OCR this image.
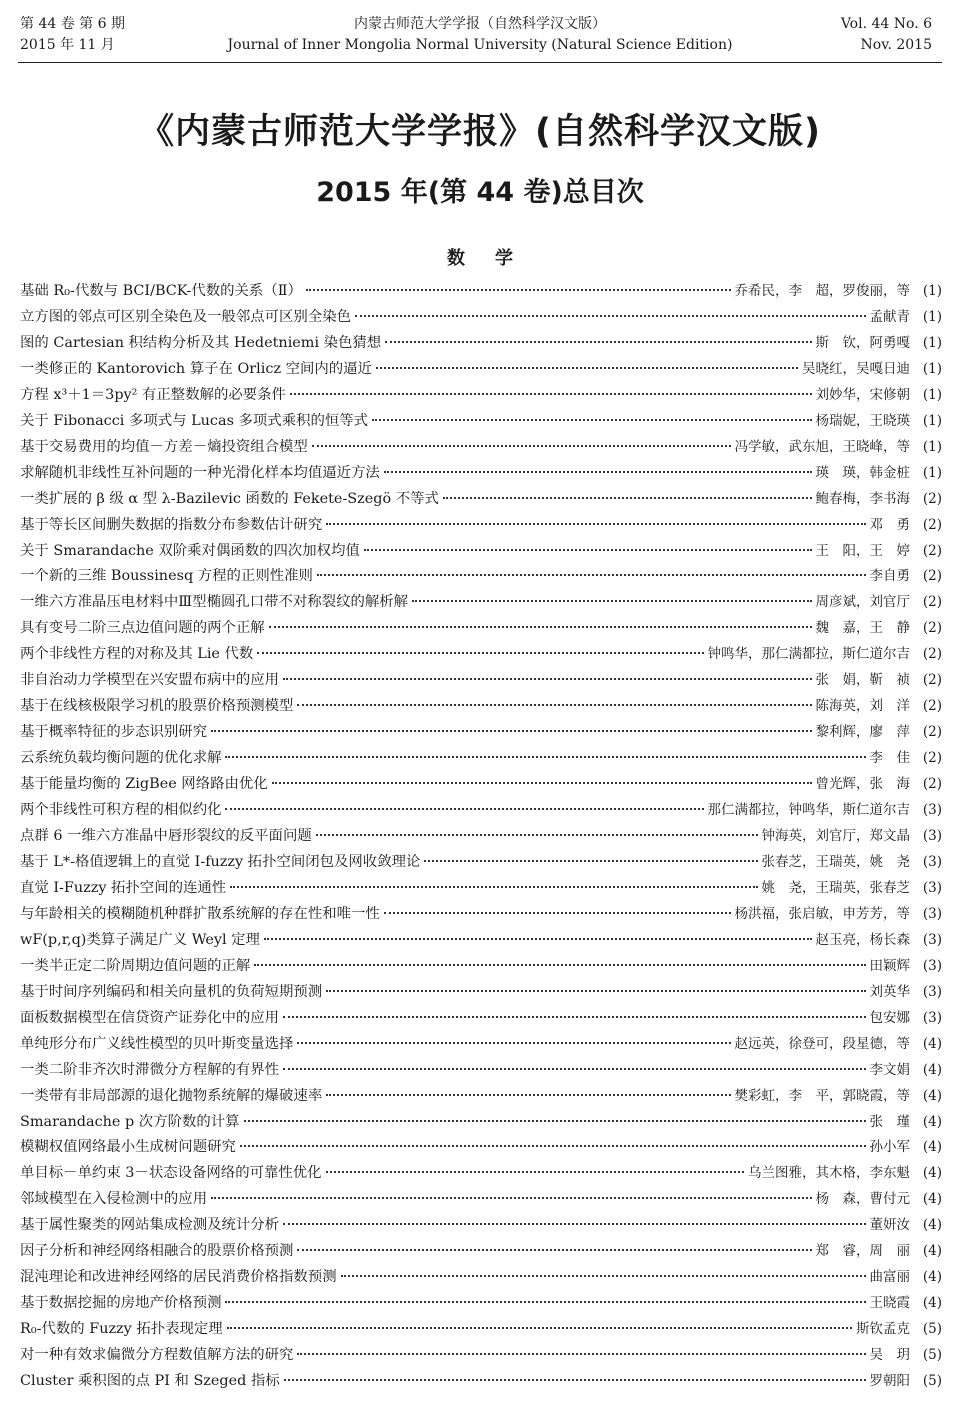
第 44 卷 第 6 期
2015 年 11 月
内蒙古师范大学学报（自然科学汉文版）
Journal of Inner Mongolia Normal University (Natural Science Edition)
Vol. 44 No. 6
Nov. 2015
《内蒙古师范大学学报》(自然科学汉文版)
2015 年(第 44 卷)总目次
数学
基础 R₀-代数与 BCI/BCK-代数的关系（Ⅱ）	乔希民，李　超，罗俊丽，等 (1)
立方图的邻点可区别全染色及一般邻点可区别全染色	孟献青 (1)
图的 Cartesian 积结构分析及其 Hedetniemi 染色猜想	斯　钦，阿勇嘎 (1)
一类修正的 Kantorovich 算子在 Orlicz 空间内的逼近	吴晓红，吴嘎日迪 (1)
方程 x³＋1＝3py² 有正整数解的必要条件	刘妙华，宋修朝 (1)
关于 Fibonacci 多项式与 Lucas 多项式乘积的恒等式	杨瑞妮，王晓瑛 (1)
基于交易费用的均值－方差－熵投资组合模型	冯学敏，武东旭，王晓峰，等 (1)
求解随机非线性互补问题的一种光滑化样本均值逼近方法	瑛　瑛，韩金桩 (1)
一类扩展的 β 级 α 型 λ-Bazilevic 函数的 Fekete-Szegö 不等式	鲍春梅，李书海 (2)
基于等长区间删失数据的指数分布参数估计研究	邓　勇 (2)
关于 Smarandache 双阶乘对偶函数的四次加权均值	王　阳，王　婷 (2)
一个新的三维 Boussinesq 方程的正则性准则	李自勇 (2)
一维六方准晶压电材料中Ⅲ型椭圆孔口带不对称裂纹的解析解	周彦斌，刘官厅 (2)
具有变号二阶三点边值问题的两个正解	魏　嘉，王　静 (2)
两个非线性方程的对称及其 Lie 代数	钟鸣华，那仁满都拉，斯仁道尔吉 (2)
非自治动力学模型在兴安盟布病中的应用	张　娟，靳　祯 (2)
基于在线核极限学习机的股票价格预测模型	陈海英，刘　洋 (2)
基于概率特征的步态识别研究	黎利辉，廖　萍 (2)
云系统负载均衡问题的优化求解	李　佳 (2)
基于能量均衡的 ZigBee 网络路由优化	曾光辉，张　海 (2)
两个非线性可积方程的相似约化	那仁满都拉，钟鸣华，斯仁道尔吉 (3)
点群 6 一维六方准晶中唇形裂纹的反平面问题	钟海英，刘官厅，郑文晶 (3)
基于 L*-格值逻辑上的直觉 I-fuzzy 拓扑空间闭包及网收敛理论	张春芝，王瑞英，姚　尧 (3)
直觉 I-Fuzzy 拓扑空间的连通性	姚　尧，王瑞英，张春芝 (3)
与年龄相关的模糊随机种群扩散系统解的存在性和唯一性	杨洪福，张启敏，申芳芳，等 (3)
wF(p,r,q)类算子满足广义 Weyl 定理	赵玉亮，杨长森 (3)
一类半正定二阶周期边值问题的正解	田颖辉 (3)
基于时间序列编码和相关向量机的负荷短期预测	刘英华 (3)
面板数据模型在信贷资产证券化中的应用	包安娜 (3)
单纯形分布广义线性模型的贝叶斯变量选择	赵远英，徐登可，段星德，等 (4)
一类二阶非齐次时滞微分方程解的有界性	李文娟 (4)
一类带有非局部源的退化抛物系统解的爆破速率	樊彩虹，李　平，郭晓霞，等 (4)
Smarandache p 次方阶数的计算	张　瑾 (4)
模糊权值网络最小生成树问题研究	孙小军 (4)
单目标－单约束 3－状态设备网络的可靠性优化	乌兰图雅，其木格，李东魁 (4)
邻域模型在入侵检测中的应用	杨　森，曹付元 (4)
基于属性聚类的网站集成检测及统计分析	董妍汝 (4)
因子分析和神经网络相融合的股票价格预测	郑　睿，周　丽 (4)
混沌理论和改进神经网络的居民消费价格指数预测	曲富丽 (4)
基于数据挖掘的房地产价格预测	王晓霞 (4)
R₀-代数的 Fuzzy 拓扑表现定理	斯钦孟克 (5)
对一种有效求偏微分方程数值解方法的研究	吴　玥 (5)
Cluster 乘积图的点 PI 和 Szeged 指标	罗朝阳 (5)
